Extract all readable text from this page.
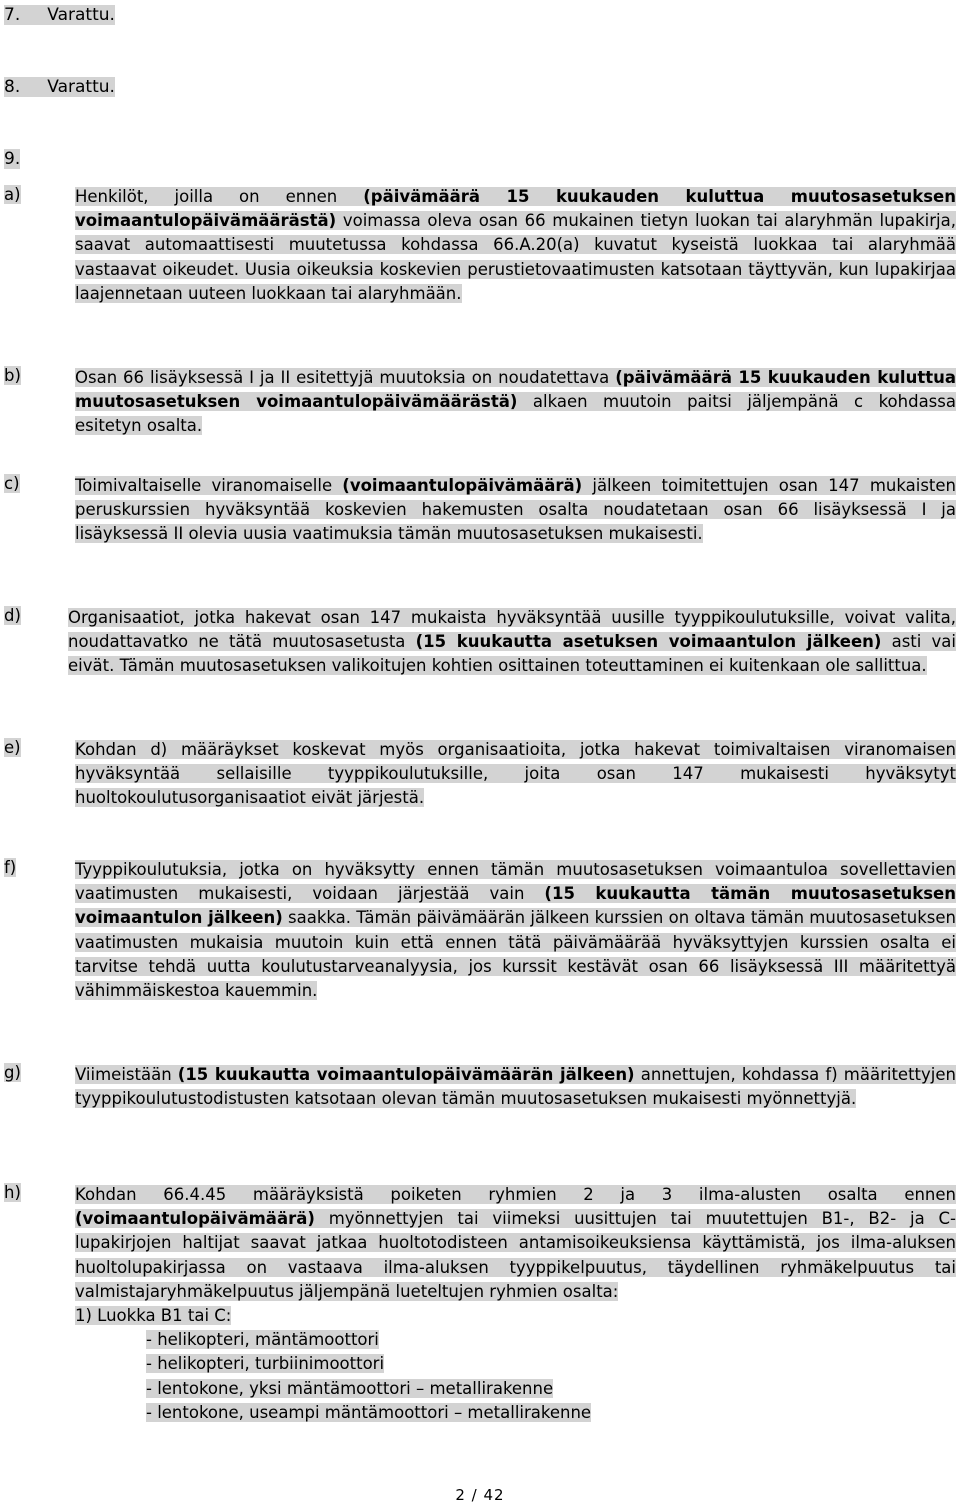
7. Varattu.
8. Varattu.
9.
a)	Henkilöt, joilla on ennen (päivämäärä 15 kuukauden kuluttua muutosasetuksen voimaantulopäivämäärästä) voimassa oleva osan 66 mukainen tietyn luokan tai alaryhmän lupakirja, saavat automaattisesti muutetussa kohdassa 66.A.20(a) kuvatut kyseistä luokkaa tai alaryhmää vastaavat oikeudet. Uusia oikeuksia koskevien perustietovaatimusten katsotaan täyttyvän, kun lupakirjaa laajennetaan uuteen luokkaan tai alaryhmään.
b)	Osan 66 lisäyksessä I ja II esitettyjä muutoksia on noudatettava (päivämäärä 15 kuukauden kuluttua muutosasetuksen voimaantulopäivämäärästä) alkaen muutoin paitsi jäljempänä c kohdassa esitetyn osalta.
c)	Toimivaltaiselle viranomaiselle (voimaantulopäivämäärä) jälkeen toimitettujen osan 147 mukaisten peruskurssien hyväksyntää koskevien hakemusten osalta noudatetaan osan 66 lisäyksessä I ja lisäyksessä II olevia uusia vaatimuksia tämän muutosasetuksen mukaisesti.
d)	Organisaatiot, jotka hakevat osan 147 mukaista hyväksyntää uusille tyyppikoulutuksille, voivat valita, noudattavatko ne tätä muutosasetusta (15 kuukautta asetuksen voimaantulon jälkeen) asti vai eivät. Tämän muutosasetuksen valikoitujen kohtien osittainen toteuttaminen ei kuitenkaan ole sallittua.
e)	Kohdan d) määräykset koskevat myös organisaatioita, jotka hakevat toimivaltaisen viranomaisen hyväksyntää sellaisille tyyppikoulutuksille, joita osan 147 mukaisesti hyväksytyt huoltokoulutusorganisaatiot eivät järjestä.
f)	Tyyppikoulutuksia, jotka on hyväksytty ennen tämän muutosasetuksen voimaantuloa sovellettavien vaatimusten mukaisesti, voidaan järjestää vain (15 kuukautta tämän muutosasetuksen voimaantulon jälkeen) saakka. Tämän päivämäärän jälkeen kurssien on oltava tämän muutosasetuksen vaatimusten mukaisia muutoin kuin että ennen tätä päivämäärää hyväksyttyjen kurssien osalta ei tarvitse tehdä uutta koulutustarveanalyysia, jos kurssit kestävät osan 66 lisäyksessä III määritettyä vähimmäiskestoa kauemmin.
g)	Viimeistään (15 kuukautta voimaantulopäivämäärän jälkeen) annettujen, kohdassa f) määritettyjen tyyppikoulutustodistusten katsotaan olevan tämän muutosasetuksen mukaisesti myönnettyjä.
h)	Kohdan 66.4.45 määräyksistä poiketen ryhmien 2 ja 3 ilma-alusten osalta ennen (voimaantulopäivämäärä) myönnettyjen tai viimeksi uusittujen tai muutettujen B1-, B2- ja C-lupakirjojen haltijat saavat jatkaa huoltotodisteen antamisoikeuksiensa käyttämistä, jos ilma-aluksen huoltolupakirjassa on vastaava ilma-aluksen tyyppikelpuutus, täydellinen ryhmäkelpuutus tai valmistajaryhmäkelpuutus jäljempänä lueteltujen ryhmien osalta:
1) Luokka B1 tai C:
- helikopteri, mäntämoottori
- helikopteri, turbiinimoottori
- lentokone, yksi mäntämoottori – metallirakenne
- lentokone, useampi mäntämoottori – metallirakenne
2 / 42
